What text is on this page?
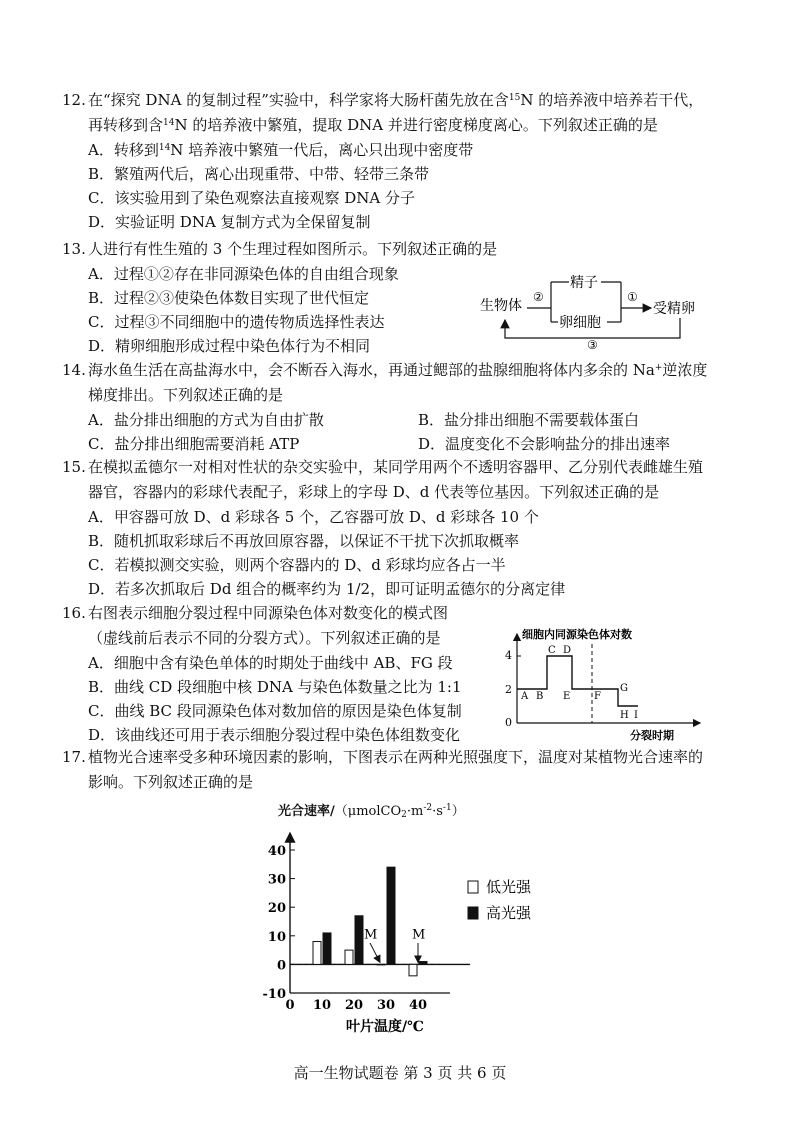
12. 在“探究 DNA 的复制过程”实验中，科学家将大肠杆菌先放在含$^{15}$N 的培养液中培养若干代，
再转移到含$^{14}$N 的培养液中繁殖，提取 DNA 并进行密度梯度离心。下列叙述正确的是
A．转移到$^{14}$N 培养液中繁殖一代后，离心只出现中密度带
B．繁殖两代后，离心出现重带、中带、轻带三条带
C．该实验用到了染色观察法直接观察 DNA 分子
D．实验证明 DNA 复制方式为全保留复制
13. 人进行有性生殖的 3 个生理过程如图所示。下列叙述正确的是
A．过程①②存在非同源染色体的自由组合现象
B．过程②③使染色体数目实现了世代恒定
C．过程③不同细胞中的遗传物质选择性表达
D．精卵细胞形成过程中染色体行为不相同
生物体
②
精子
卵细胞
①
受精卵
③
14. 海水鱼生活在高盐海水中，会不断吞入海水，再通过鳃部的盐腺细胞将体内多余的 Na+逆浓度
梯度排出。下列叙述正确的是
A．盐分排出细胞的方式为自由扩散	B．盐分排出细胞不需要载体蛋白
C．盐分排出细胞需要消耗 ATP	D．温度变化不会影响盐分的排出速率
15. 在模拟孟德尔一对相对性状的杂交实验中，某同学用两个不透明容器甲、乙分别代表雌雄生殖
器官，容器内的彩球代表配子，彩球上的字母 D、d 代表等位基因。下列叙述正确的是
A．甲容器可放 D、d 彩球各 5 个，乙容器可放 D、d 彩球各 10 个
B．随机抓取彩球后不再放回原容器，以保证不干扰下次抓取概率
C．若模拟测交实验，则两个容器内的 D、d 彩球均应各占一半
D．若多次抓取后 Dd 组合的概率约为 1/2，即可证明孟德尔的分离定律
16. 右图表示细胞分裂过程中同源染色体对数变化的模式图
（虚线前后表示不同的分裂方式）。下列叙述正确的是
A．细胞中含有染色单体的时期处于曲线中 AB、FG 段
B．曲线 CD 段细胞中核 DNA 与染色体数量之比为 1:1
C．曲线 BC 段同源染色体对数加倍的原因是染色体复制
D．该曲线还可用于表示细胞分裂过程中染色体组数变化
细胞内同源染色体对数
4
2
0
A B
C D
E F
G
H I
分裂时期
17. 植物光合速率受多种环境因素的影响，下图表示在两种光照强度下，温度对某植物光合速率的
影响。下列叙述正确的是
光合速率$/(\mu molCO_2\cdot m^{-2}\cdot s^{-1})$
40
30
20
10
0
-10
0 10 20 30 40
叶片温度/℃
M	M
低光强
高光强
高一生物试题卷 第 3 页 共 6 页
